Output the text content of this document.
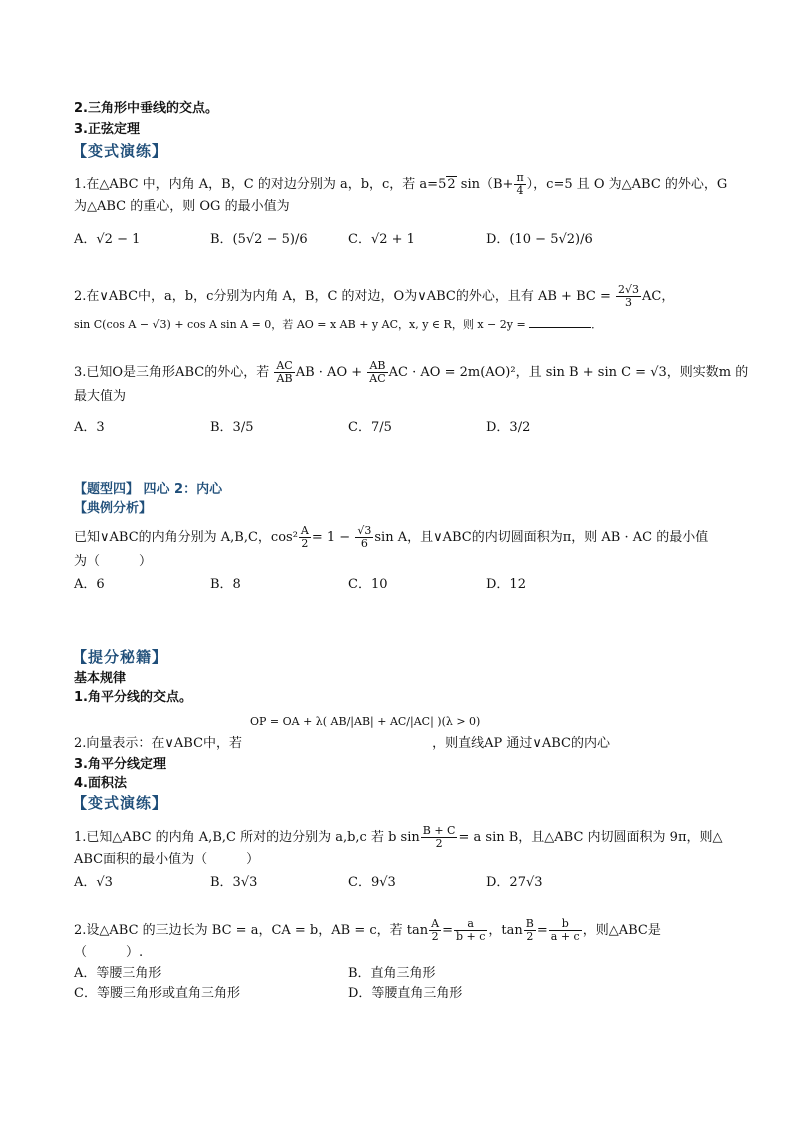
2.三角形中垂线的交点。
3.正弦定理
【变式演练】
1.在△ABC 中，内角 A，B，C 的对边分别为 a，b，c，若 a=52 $\sin(B+ \frac{\pi}{4}$ ），c=5 且 O 为△ABC 的外心，G
为△ABC 的重心，则 OG 的最小值为
A．√2 − 1	B．(5√2 − 5)/6	C．√2 + 1	D．(10 − 5√2)/6
2.在∨ABC中，a，b，c分别为内角 A，B，C 的对边，O为∨ABC的外心，且有 AB + BC = $\frac{2√3}{3}$ AC，
sin C(cos A − √3) + cos A sin A = 0，若 AO = x AB + y AC，x, y ∈ R，则 x − 2y =	．
3.已知O是三角形ABC的外心，若 $\frac{AC}{AB}$ AB · AO + $\frac{AB}{AC}$ AC · AO = 2m(AO)²，且 sin B + sin C = √3，则实数m 的
最大值为
A．3	B．3/5	C．7/5	D．3/2
【题型四】 四心 2：内心
【典例分析】
已知∨ABC的内角分别为 A,B,C，$\cos^2 \frac{A}{2} = 1 - \frac{√3}{6}$ sin A，且∨ABC的内切圆面积为π，则 AB · AC 的最小值
为（　　　）
A．6	B．8	C．10	D．12
【提分秘籍】
基本规律
1.角平分线的交点。
OP = OA + λ( AB/|AB| + AC/|AC| )(λ > 0)
2.向量表示：在∨ABC中，若	，则直线AP 通过∨ABC的内心
3.角平分线定理
4.面积法
【变式演练】
1.已知△ABC 的内角 A,B,C 所对的边分别为 a,b,c 若 b $\sin \frac{B + C}{2} = a$ sin B，且△ABC 内切圆面积为 9π，则△
ABC面积的最小值为（　　　）
A．√3	B．3√3	C．9√3	D．27√3
2.设△ABC 的三边长为 BC = a，CA = b，AB = c，若 $\tan \frac{A}{2} = \frac{a}{b + c}$ ，$\tan \frac{B}{2} = \frac{b}{a + c}$ ，则△ABC是
（　　　）.
A．等腰三角形	B．直角三角形
C．等腰三角形或直角三角形	D．等腰直角三角形
